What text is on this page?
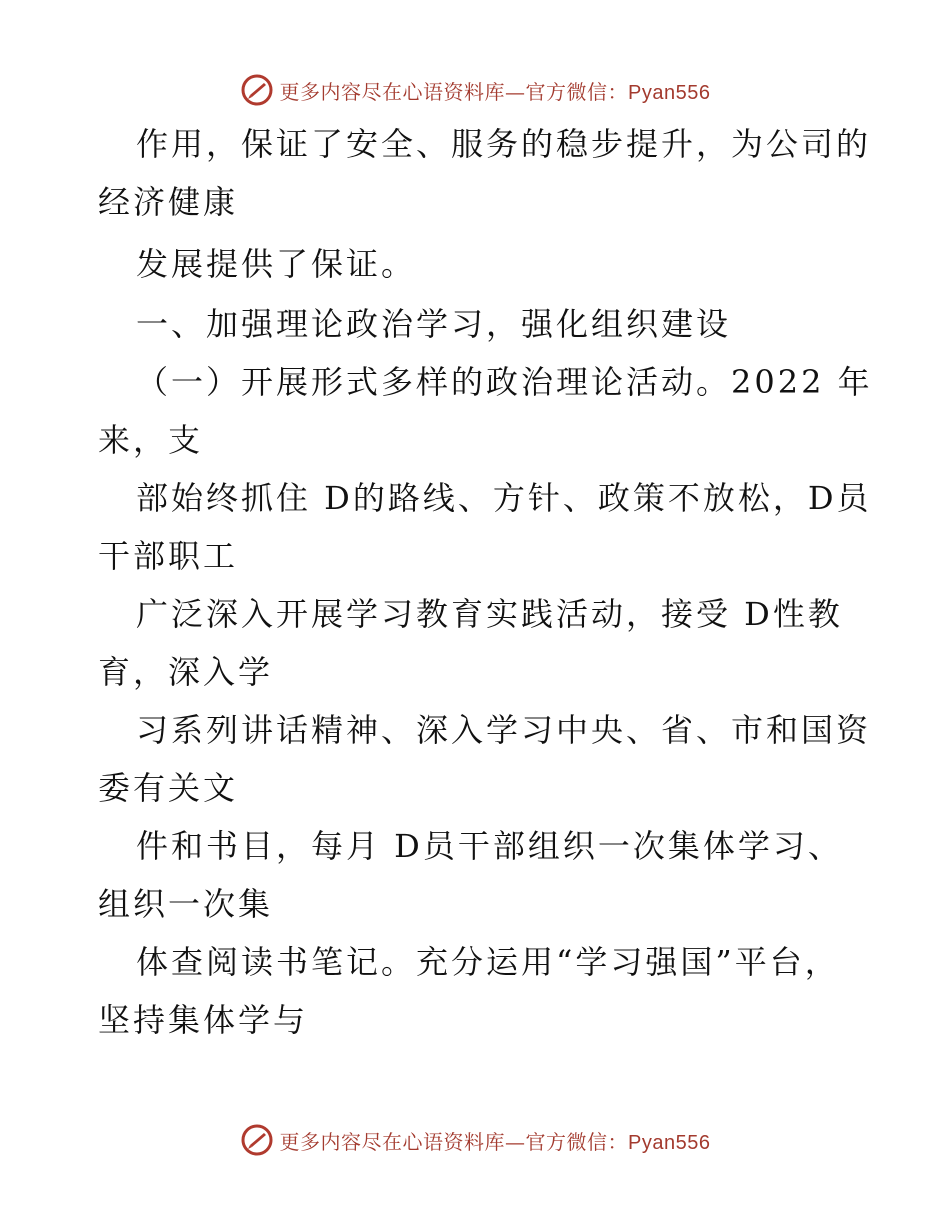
更多内容尽在心语资料库—官方微信：Pyan556
作用，保证了安全、服务的稳步提升，为公司的
经济健康
发展提供了保证。
一、加强理论政治学习，强化组织建设
（一）开展形式多样的政治理论活动。2022 年
来，支
部始终抓住 D的路线、方针、政策不放松，D员
干部职工
广泛深入开展学习教育实践活动，接受 D性教
育，深入学
习系列讲话精神、深入学习中央、省、市和国资
委有关文
件和书目，每月 D员干部组织一次集体学习、
组织一次集
体查阅读书笔记。充分运用“学习强国”平台，
坚持集体学与
更多内容尽在心语资料库—官方微信：Pyan556
